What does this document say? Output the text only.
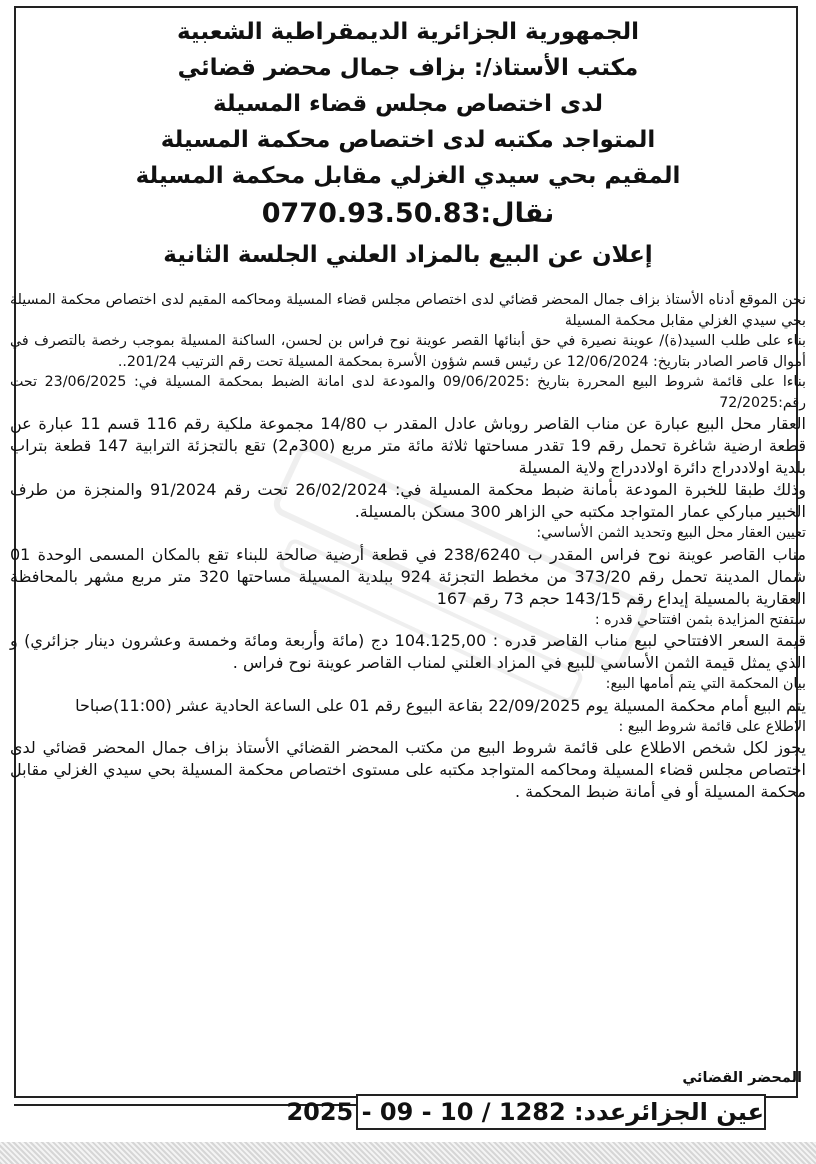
الجمهورية الجزائرية الديمقراطية الشعبية
مكتب الأستاذ/: بزاف جمال محضر قضائي
لدى اختصاص مجلس قضاء المسيلة
المتواجد مكتبه لدى اختصاص محكمة المسيلة
المقيم بحي سيدي الغزلي مقابل محكمة المسيلة
نقال:0770.93.50.83
إعلان عن البيع بالمزاد العلني الجلسة الثانية

نحن الموقع أدناه الأستاذ بزاف جمال المحضر قضائي لدى اختصاص مجلس قضاء المسيلة ومحاكمه المقيم لدى اختصاص محكمة المسيلة بحي سيدي الغزلي مقابل محكمة المسيلة

بناء على طلب السيد(ة)/ عوينة نصيرة في حق أبنائها القصر عوينة نوح فراس بن لحسن، الساكنة المسيلة بموجب رخصة بالتصرف في أموال قاصر الصادر بتاريخ: 12/06/2024 عن رئيس قسم شؤون الأسرة بمحكمة المسيلة تحت رقم الترتيب 201/24..

بناءا على قائمة شروط البيع المحررة بتاريخ :09/06/2025 والمودعة لدى امانة الضبط بمحكمة المسيلة في: 23/06/2025 تحت رقم:72/2025

العقار محل البيع عبارة عن مناب القاصر روباش عادل المقدر ب 14/80 مجموعة ملكية رقم 116 قسم 11 عبارة عن قطعة ارضية شاغرة تحمل رقم 19 تقدر مساحتها ثلاثة مائة متر مربع (300م2) تقع بالتجزئة الترابية 147 قطعة بتراب بلدية اولاددراج دائرة اولاددراج ولاية المسيلة

وذلك طبقا للخبرة المودعة بأمانة ضبط محكمة المسيلة في: 26/02/2024 تحت رقم 91/2024 والمنجزة من طرف الخبير مباركي عمار المتواجد مكتبه حي الزاهر 300 مسكن بالمسيلة.

تعيين العقار محل البيع وتحديد الثمن الأساسي:

مناب القاصر عوينة نوح فراس المقدر ب 238/6240 في قطعة أرضية صالحة للبناء تقع بالمكان المسمى الوحدة 01 شمال المدينة تحمل رقم 373/20 من مخطط التجزئة 924 ببلدية المسيلة مساحتها 320 متر مربع مشهر بالمحافظة العقارية بالمسيلة إيداع رقم 143/15 حجم 73 رقم 167

ستفتح المزايدة بثمن افتتاحي قدره :

قيمة السعر الافتتاحي لبيع مناب القاصر قدره : 104.125,00 دج (مائة وأربعة ومائة وخمسة وعشرون دينار جزائري) و الذي يمثل قيمة الثمن الأساسي للبيع في المزاد العلني لمناب القاصر عوينة نوح فراس .

بيان المحكمة التي يتم أمامها البيع:

يتم البيع أمام محكمة المسيلة يوم 22/09/2025 بقاعة البيوع رقم 01 على الساعة الحادية عشر (11:00)صباحا

الاطلاع على قائمة شروط البيع :

يجوز لكل شخص الاطلاع على قائمة شروط البيع من مكتب المحضر القضائي الأستاذ بزاف جمال المحضر قضائي لدى اختصاص مجلس قضاء المسيلة ومحاكمه المتواجد مكتبه على مستوى اختصاص محكمة المسيلة بحي سيدي الغزلي مقابل محكمة المسيلة أو في أمانة ضبط المحكمة .

المحضر القضائي
عين الجزائرعدد: 1282 / 10 - 09 - 2025
